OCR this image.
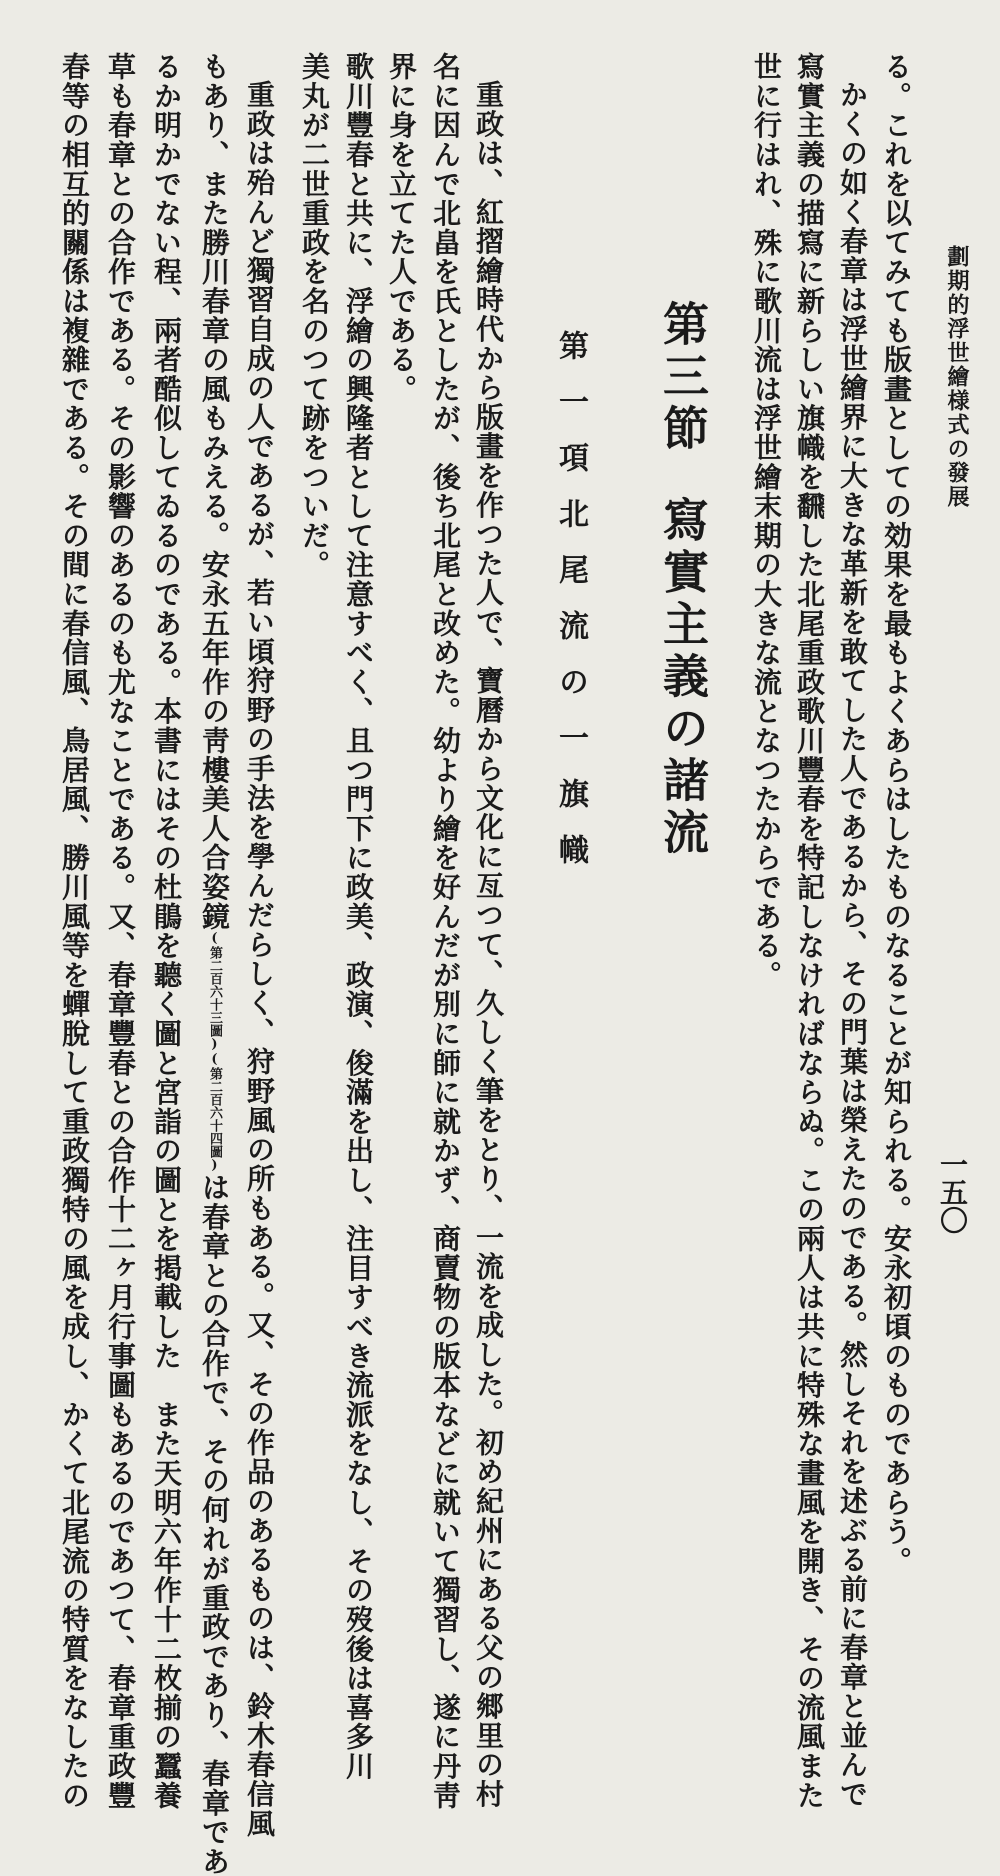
劃期的浮世繪様式の發展
一五〇
る。これを以てみても版畫としての効果を最もよくあらはしたものなることが知られる。安永初頃のものであらう。
かくの如く春章は浮世繪界に大きな革新を敢てした人であるから、その門葉は榮えたのである。然しそれを述ぶる前に春章と並んで
寫實主義の描寫に新らしい旗幟を飜した北尾重政歌川豐春を特記しなければならぬ。この兩人は共に特殊な畫風を開き、その流風また
世に行はれ、殊に歌川流は浮世繪末期の大きな流となつたからである。
第三節寫實主義の諸流
第一項北尾流の一旗幟
重政は、紅摺繪時代から版畫を作つた人で、寶曆から文化に亙つて、久しく筆をとり、一流を成した。初め紀州にある父の郷里の村
名に因んで北畠を氏としたが、後ち北尾と改めた。幼より繪を好んだが別に師に就かず、商賣物の版本などに就いて獨習し、遂に丹靑
界に身を立てた人である。
歌川豐春と共に、浮繪の興隆者として注意すべく、且つ門下に政美、政演、俊滿を出し、注目すべき流派をなし、その歿後は喜多川
美丸が二世重政を名のつて跡をついだ。
重政は殆んど獨習自成の人であるが、若い頃狩野の手法を學んだらしく、狩野風の所もある。又、その作品のあるものは、鈴木春信風
もあり、また勝川春章の風もみえる。安永五年作の靑樓美人合姿鏡(第二百六十三圖)(第二百六十四圖)は春章との合作で、その何れが重政であり、春章であ
るか明かでない程、兩者酷似してゐるのである。本書にはその杜鵑を聽く圖と宮詣の圖とを掲載した　また天明六年作十二枚揃の蠶養
草も春章との合作である。その影響のあるのも尤なことである。又、春章豐春との合作十二ヶ月行事圖もあるのであつて、春章重政豐
春等の相互的關係は複雜である。その間に春信風、鳥居風、勝川風等を蟬脫して重政獨特の風を成し、かくて北尾流の特質をなしたの
